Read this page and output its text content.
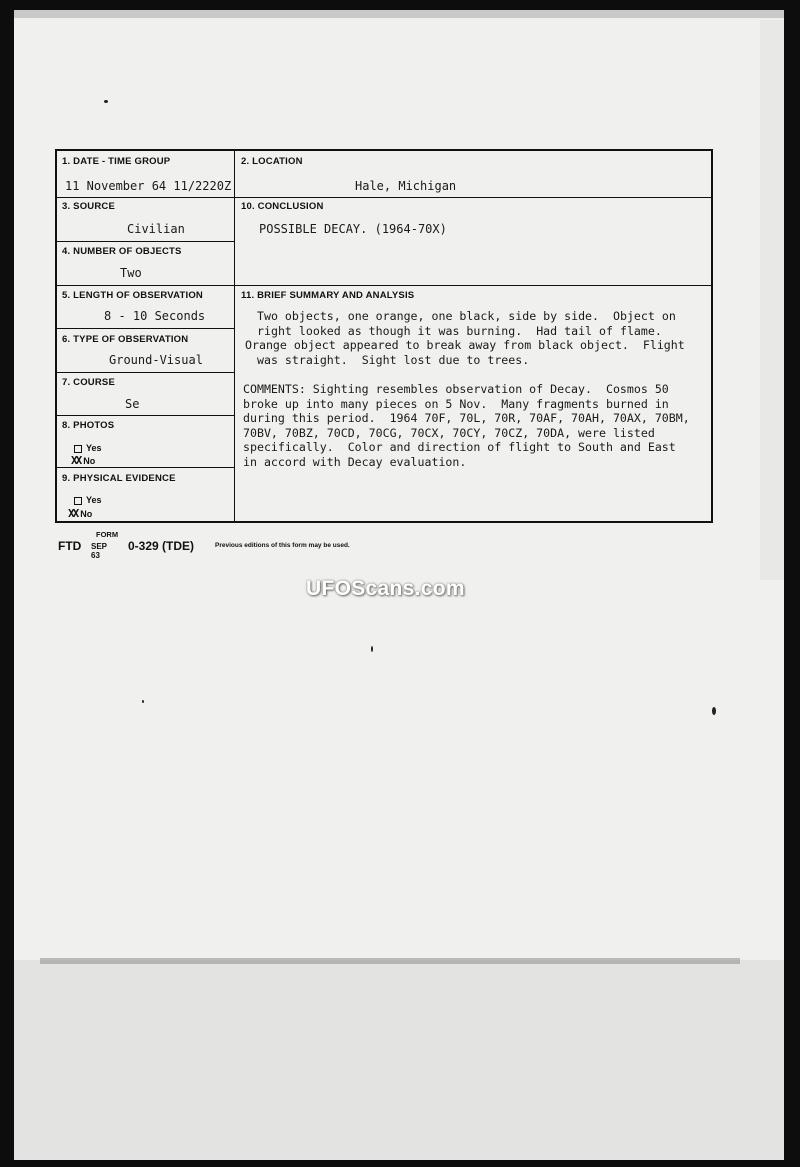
1. DATE - TIME GROUP
11 November 64 11/2220Z
2. LOCATION
Hale, Michigan
3. SOURCE
Civilian
10. CONCLUSION
POSSIBLE DECAY. (1964-70X)
4. NUMBER OF OBJECTS
Two
5. LENGTH OF OBSERVATION
8 - 10 Seconds
11. BRIEF SUMMARY AND ANALYSIS
Two objects, one orange, one black, side by side.  Object on
right looked as though it was burning.  Had tail of flame.
Orange object appeared to break away from black object.  Flight
was straight.  Sight lost due to trees.
COMMENTS: Sighting resembles observation of Decay.  Cosmos 50
broke up into many pieces on 5 Nov.  Many fragments burned in
during this period.  1964 70F, 70L, 70R, 70AF, 70AH, 70AX, 70BM,
70BV, 70BZ, 70CD, 70CG, 70CX, 70CY, 70CZ, 70DA, were listed
specifically.  Color and direction of flight to South and East
in accord with Decay evaluation.
6. TYPE OF OBSERVATION
Ground-Visual
7. COURSE
Se
8. PHOTOS
Yes
XX No
9. PHYSICAL EVIDENCE
Yes
XX No
FORM
FTD SEP 63
0-329 (TDE)	Previous editions of this form may be used.
UFOScans.com
